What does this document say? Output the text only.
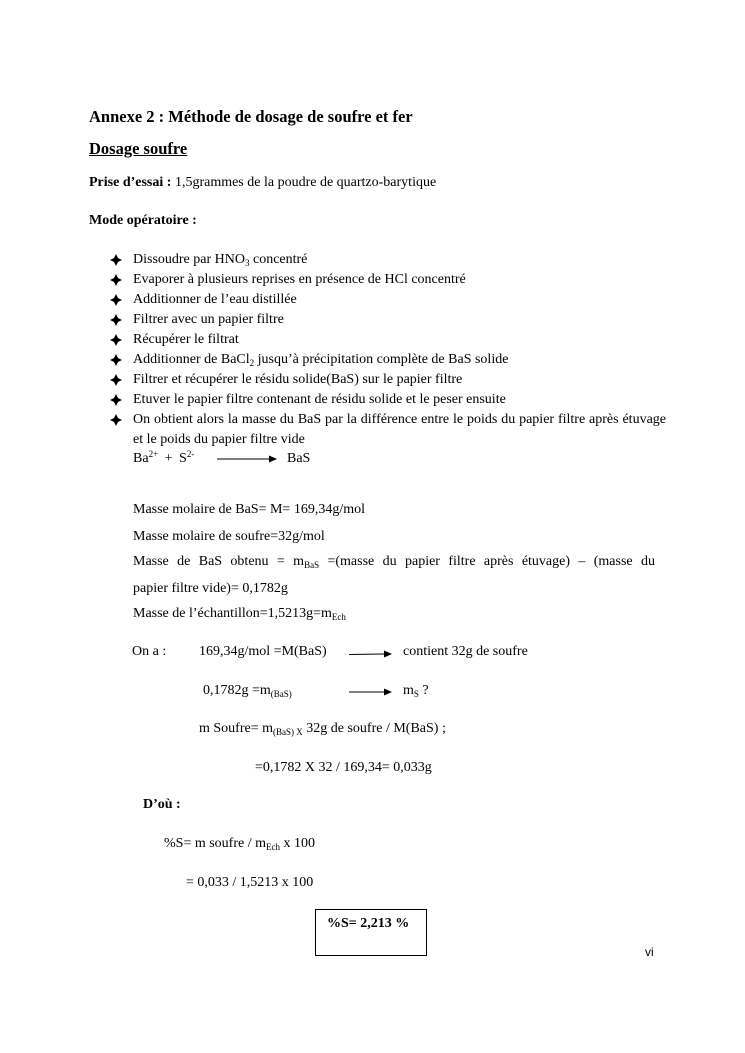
Annexe 2 : Méthode de dosage de soufre et fer
Dosage soufre
Prise d’essai : 1,5grammes de la poudre de quartzo-barytique
Mode opératoire :
Dissoudre par $HNO_3$ concentré
Evaporer à plusieurs reprises en présence de HCl concentré
Additionner de l’eau distillée
Filtrer avec un papier filtre
Récupérer le filtrat
Additionner de BaCl$_2$ jusqu’à précipitation complète de BaS solide
Filtrer et récupérer le résidu solide(BaS) sur le papier filtre
Etuver le papier filtre contenant de résidu solide et le peser ensuite
On obtient alors la masse du BaS par la différence entre le poids du papier filtre après étuvage et le poids du papier filtre vide
$Ba^{2+} + S^{2-}$ → BaS
Masse molaire de BaS= M= 169,34g/mol
Masse molaire de soufre=32g/mol
Masse de BaS obtenu = $m_{BaS}$ =(masse du papier filtre après étuvage) – (masse du
papier filtre vide)= 0,1782g
Masse de $l’échantillon=1,5213g=m_{Ech}$
On a : 169,34g/mol =M(BaS)	contient 32g de soufre
$0,1782g =m_{(BaS)}$	$m_S$ ?
m Soufre= $m_{(BaS) X}$ 32g de soufre / M(BaS) ;
=0,1782 X 32 / 169,34= 0,033g
D’où :
%S= m soufre / $m_{Ech}$ x 100
= 0,033 / 1,5213 x 100
%S= 2,213 %
vi
